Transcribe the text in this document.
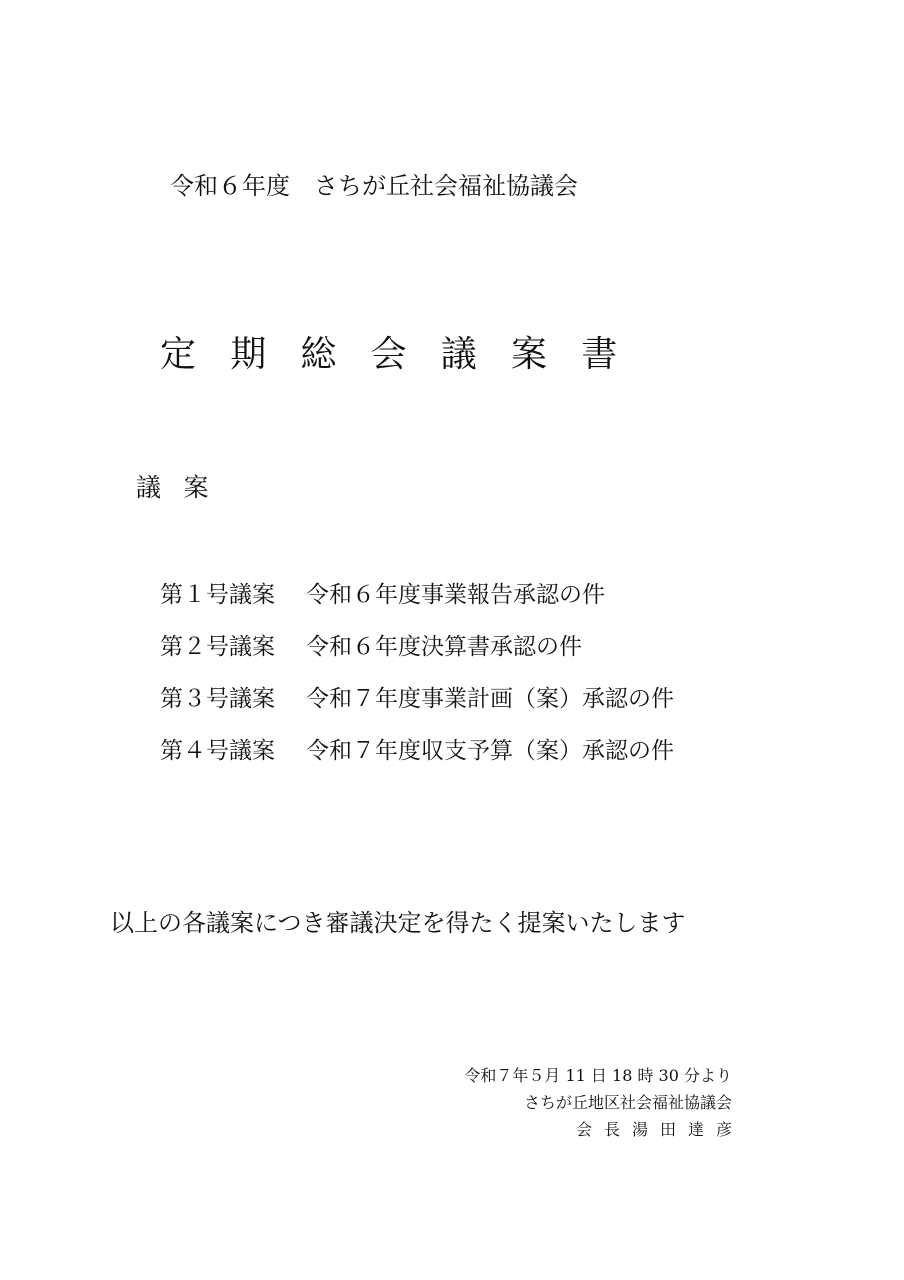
令和６年度　さちが丘社会福祉協議会
定期総会議案書
議案
第１号議案 令和６年度事業報告承認の件
第２号議案 令和６年度決算書承認の件
第３号議案 令和７年度事業計画（案）承認の件
第４号議案 令和７年度収支予算（案）承認の件
以上の各議案につき審議決定を得たく提案いたします
令和７年５月 11 日 18 時 30 分より
さちが丘地区社会福祉協議会
会長湯田達彦
